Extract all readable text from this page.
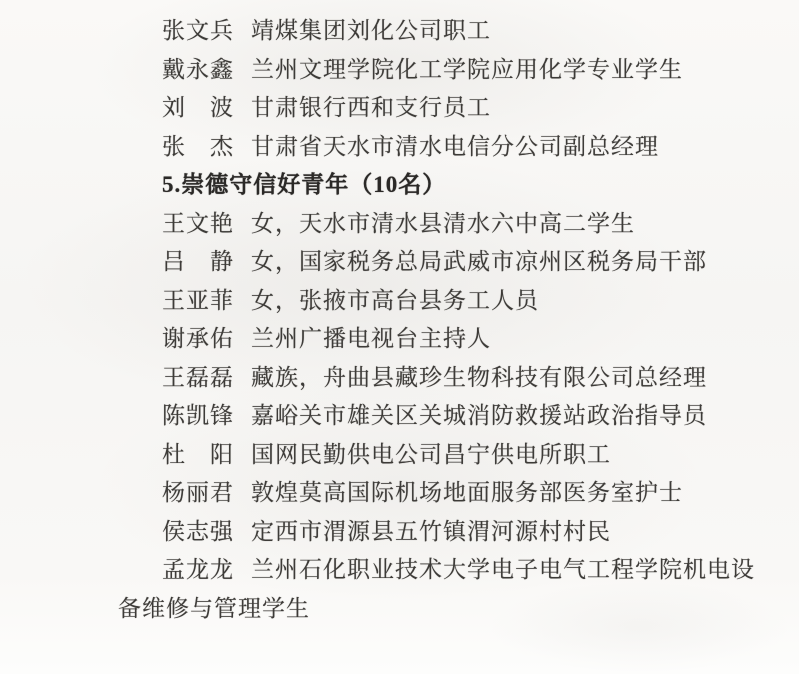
张文兵 靖煤集团刘化公司职工

戴永鑫 兰州文理学院化工学院应用化学专业学生

刘　波 甘肃银行西和支行员工

张　杰 甘肃省天水市清水电信分公司副总经理

5.崇德守信好青年（10名）

王文艳 女，天水市清水县清水六中高二学生

吕　静 女，国家税务总局武威市凉州区税务局干部

王亚菲 女，张掖市高台县务工人员

谢承佑 兰州广播电视台主持人

王磊磊 藏族，舟曲县藏珍生物科技有限公司总经理

陈凯锋 嘉峪关市雄关区关城消防救援站政治指导员

杜　阳 国网民勤供电公司昌宁供电所职工

杨丽君 敦煌莫高国际机场地面服务部医务室护士

侯志强 定西市渭源县五竹镇渭河源村村民

孟龙龙 兰州石化职业技术大学电子电气工程学院机电设备维修与管理学生
